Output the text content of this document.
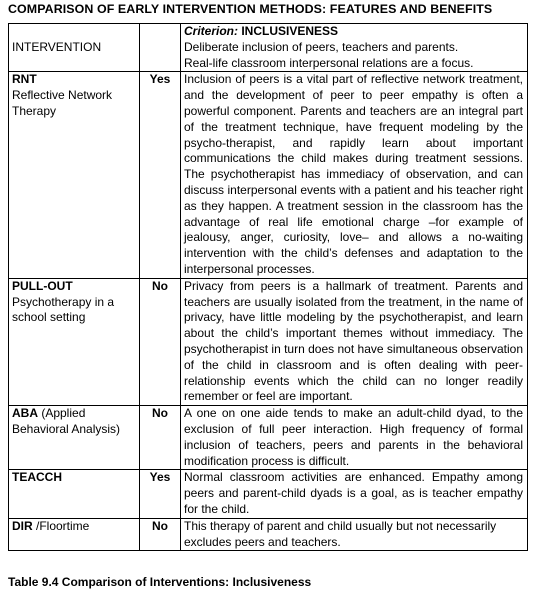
COMPARISON OF EARLY INTERVENTION METHODS: FEATURES AND BENEFITS
INTERVENTION		Criterion: INCLUSIVENESS
Deliberate inclusion of peers, teachers and parents.
Real-life classroom interpersonal relations are a focus.

RNT
Reflective Network Therapy	Yes	Inclusion of peers is a vital part of reflective network treatment, and the development of peer to peer empathy is often a powerful component. Parents and teachers are an integral part of the treatment technique, have frequent modeling by the psycho-therapist, and rapidly learn about important communications the child makes during treatment sessions. The psychotherapist has immediacy of observation, and can discuss interpersonal events with a patient and his teacher right as they happen. A treatment session in the classroom has the advantage of real life emotional charge –for example of jealousy, anger, curiosity, love– and allows a no-waiting intervention with the child’s defenses and adaptation to the interpersonal processes.

PULL-OUT
Psychotherapy in a school setting	No	Privacy from peers is a hallmark of treatment. Parents and teachers are usually isolated from the treatment, in the name of privacy, have little modeling by the psychotherapist, and learn about the child’s important themes without immediacy. The psychotherapist in turn does not have simultaneous observation of the child in classroom and is often dealing with peer-relationship events which the child can no longer readily remember or feel are important.
ABA (Applied Behavioral Analysis)	No	A one on one aide tends to make an adult-child dyad, to the exclusion of full peer interaction. High frequency of formal inclusion of teachers, peers and parents in the behavioral modification process is difficult.
TEACCH	Yes	Normal classroom activities are enhanced. Empathy among peers and parent-child dyads is a goal, as is teacher empathy for the child.
DIR /Floortime	No	This therapy of parent and child usually but not necessarily excludes peers and teachers.
Table 9.4 Comparison of Interventions: Inclusiveness
